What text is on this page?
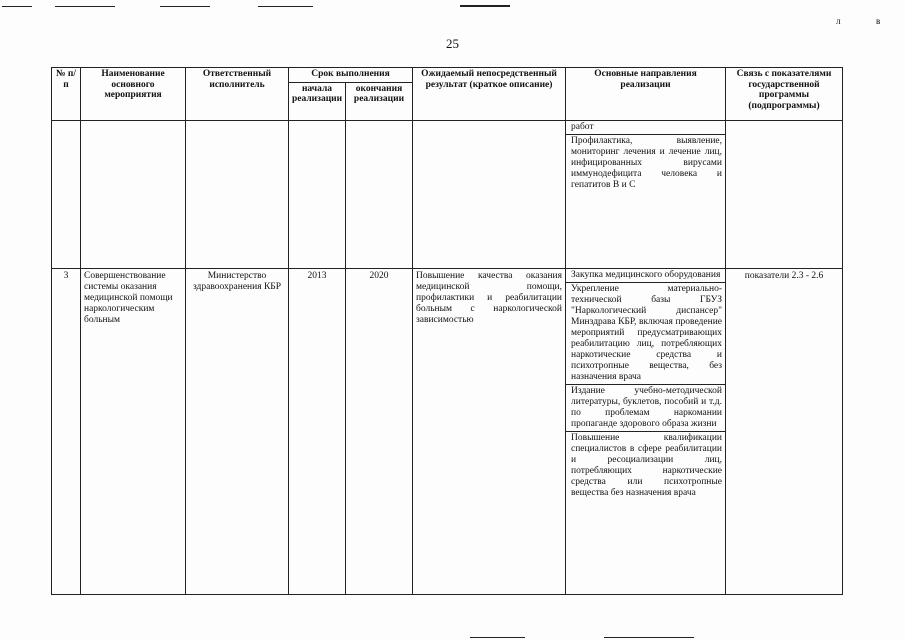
л	в
25
№ п/п	Наименование основного мероприятия	Ответственный исполнитель	Срок выполнения		Ожидаемый непосредственный результат (краткое описание)	Основные направления реализации	Связь с показателями государственной программы (подпрограммы)
			начала реализации	окончания реализации			

						работ
Профилактика, выявление, мониторинг лечения и лечение лиц, инфицированных вирусами иммунодефицита человека и гепатитов В и С	

3	Совершенствование системы оказания медицинской помощи наркологическим больным	Министерство здравоохранения КБР	2013	2020	Повышение качества оказания медицинской помощи, профилактики и реабилитации больным с наркологической зависимостью	Закупка медицинского оборудования
Укрепление материально-технической базы ГБУЗ "Наркологический диспансер" Минздрава КБР, включая проведение мероприятий предусматривающих реабилитацию лиц, потребляющих наркотические средства и психотропные вещества, без назначения врача
Издание учебно-методической литературы, буклетов, пособий и т.д. по проблемам наркомании пропаганде здорового образа жизни
Повышение квалификации специалистов в сфере реабилитации и ресоциализации лиц, потребляющих наркотические средства или психотропные вещества без назначения врача	показатели 2.3 - 2.6
